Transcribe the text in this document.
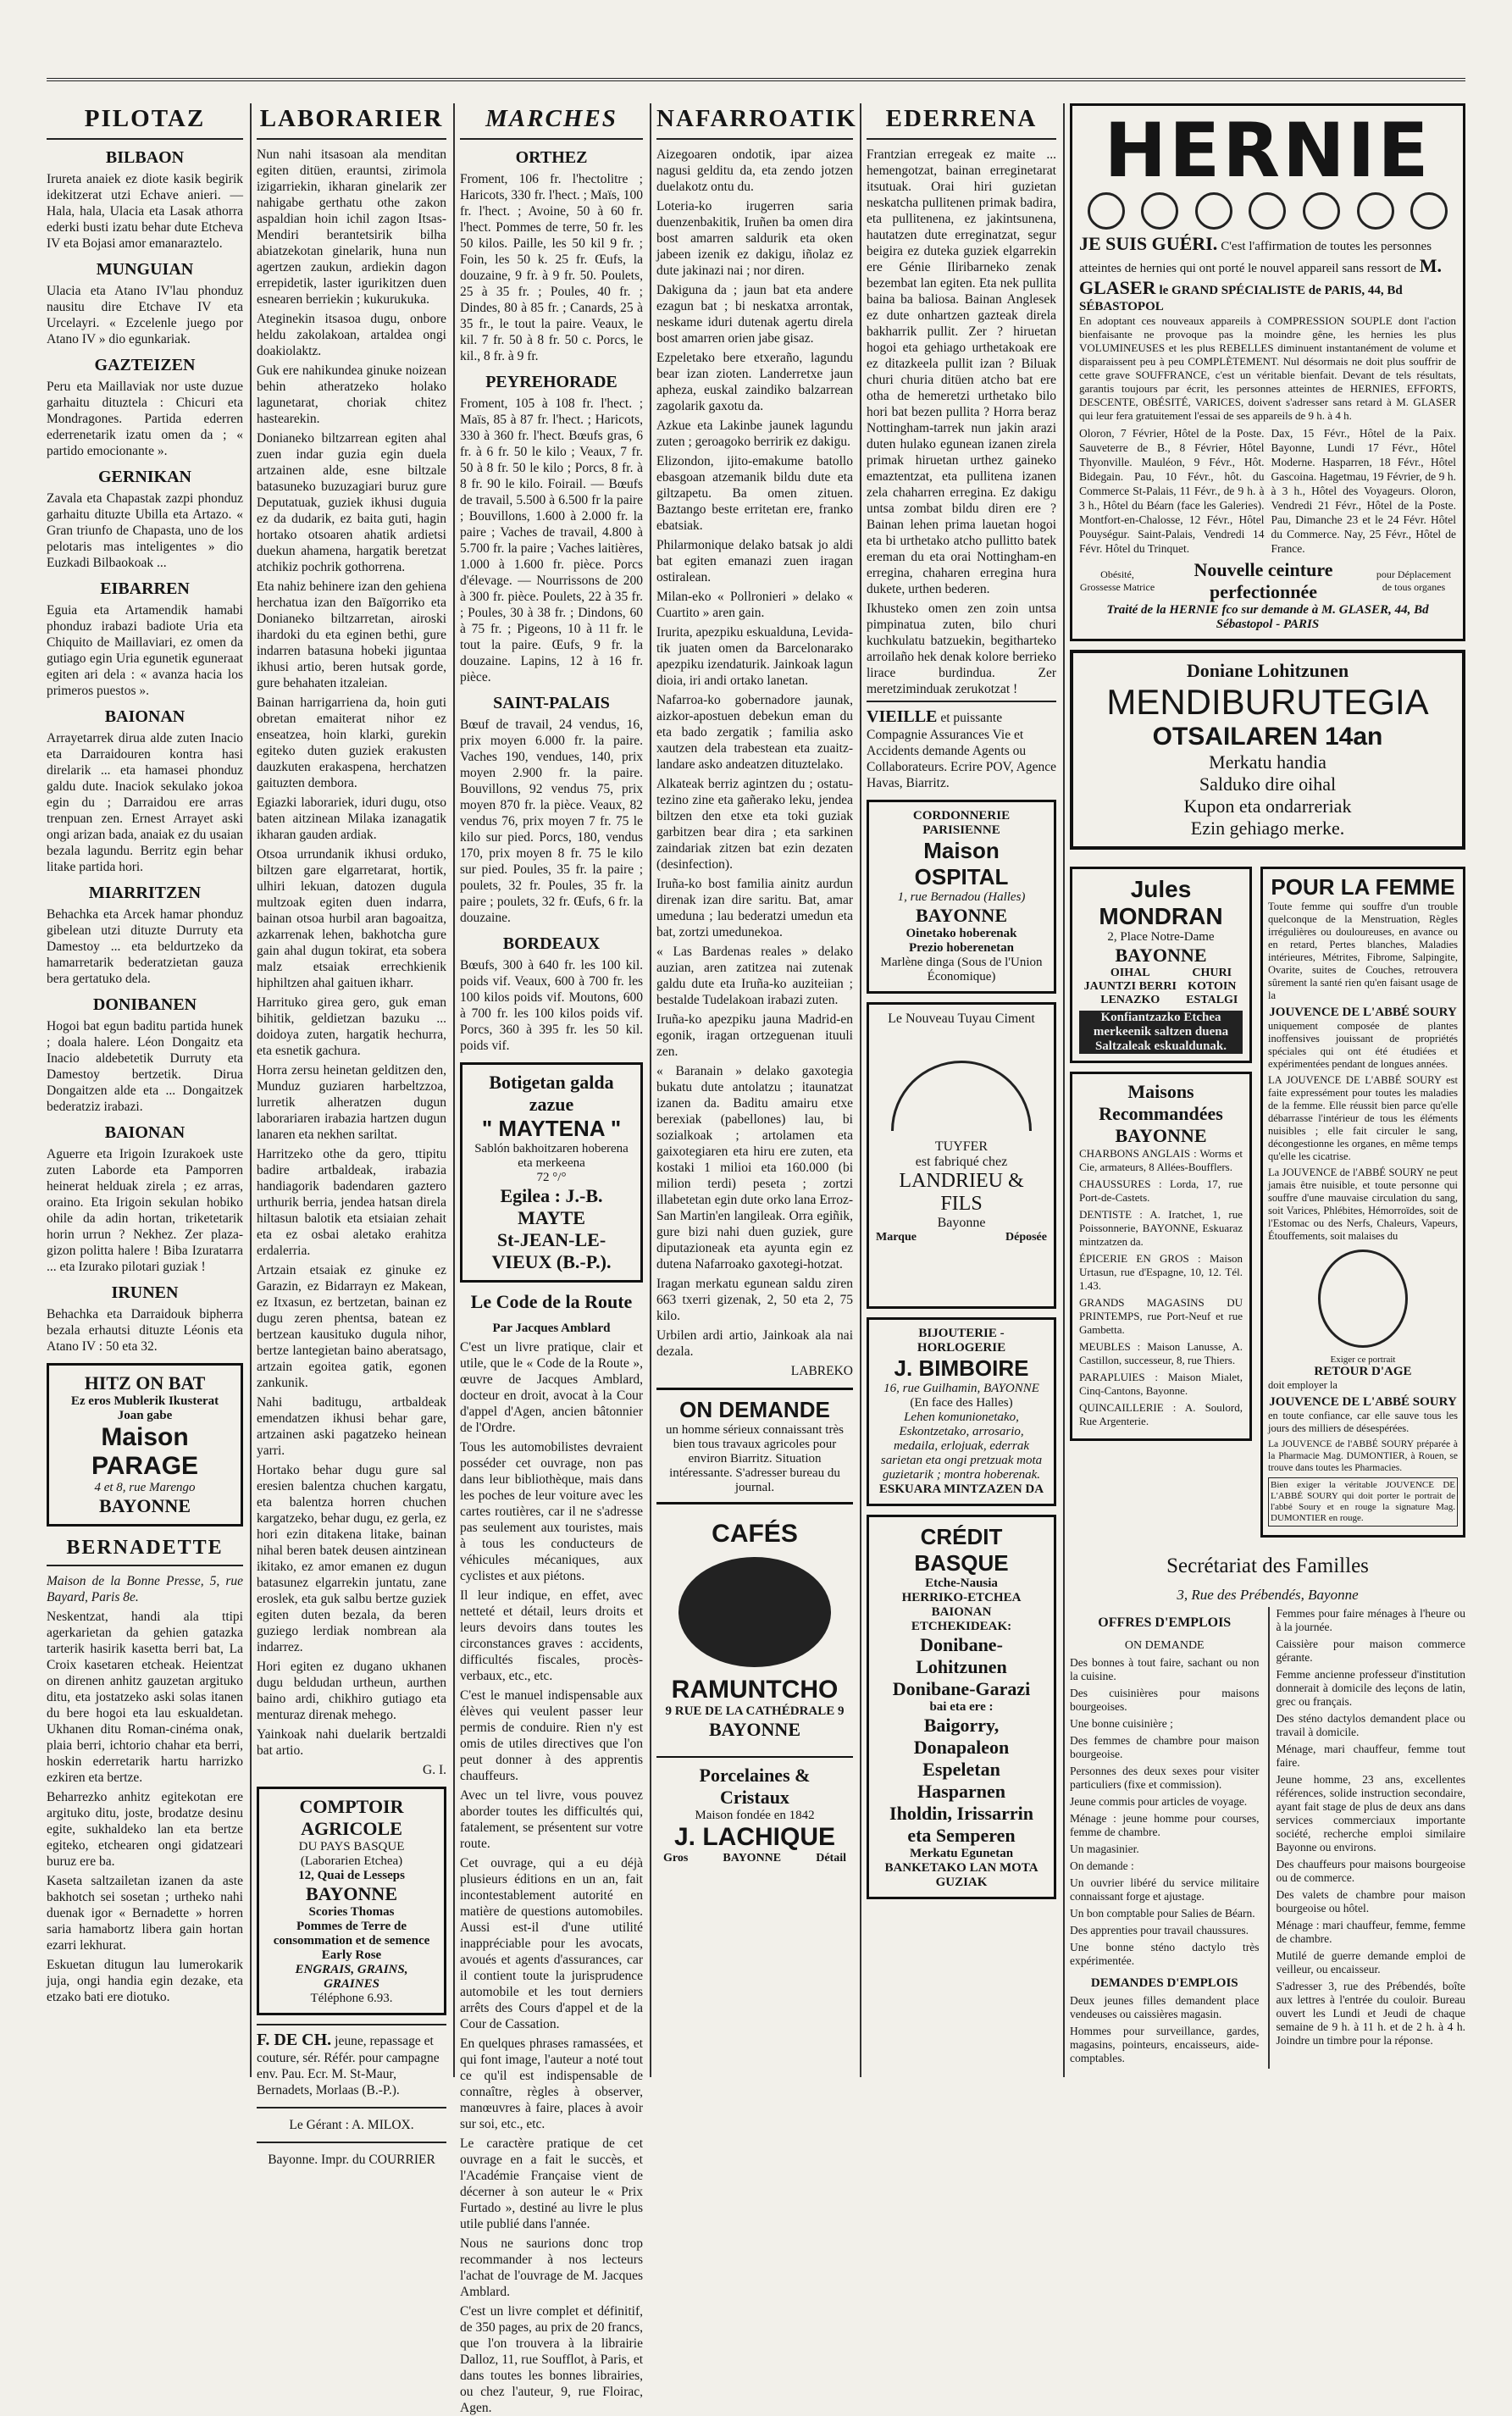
PILOTAZ
BILBAON

Irureta anaiek ez diote kasik begirik idekitzerat utzi Echave anieri. — Hala, hala, Ulacia eta Lasak athorra ederki busti izatu behar dute Etcheva IV eta Bojasi amor emanaraztelo.

MUNGUIAN

Ulacia eta Atano IV'lau phonduz nausitu dire Etchave IV eta Urcelayri. « Ezcelenle juego por Atano IV » dio egunkariak.

GAZTEIZEN

Peru eta Maillaviak nor uste duzue garhaitu dituztela : Chicuri eta Mondragones. Partida ederren ederrenetarik izatu omen da ; « partido emocionante ».

GERNIKAN

Zavala eta Chapastak zazpi phonduz garhaitu dituzte Ubilla eta Artazo. « Gran triunfo de Chapasta, uno de los pelotaris mas inteligentes » dio Euzkadi Bilbaokoak ...

EIBARREN

Eguia eta Artamendik hamabi phonduz irabazi badiote Uria eta Chiquito de Maillaviari, ez omen da gutiago egin Uria egunetik eguneraat egiten ari dela : « avanza hacia los primeros puestos ».

BAIONAN

Arrayetarrek dirua alde zuten Inacio eta Darraidouren kontra hasi direlarik ... eta hamasei phonduz galdu dute. Inaciok sekulako jokoa egin du ; Darraidou ere arras trenpuan zen. Ernest Arrayet aski ongi arizan bada, anaiak ez du usaian bezala lagundu. Berritz egin behar litake partida hori.

MIARRITZEN

Behachka eta Arcek hamar phonduz gibelean utzi dituzte Durruty eta Damestoy ... eta beldurtzeko da hamarretarik bederatzietan gauza bera gertatuko dela.

DONIBANEN

Hogoi bat egun baditu partida hunek ; doala halere. Léon Dongaitz eta Inacio aldebetetik Durruty eta Damestoy bertzetik. Dirua Dongaitzen alde eta ... Dongaitzek bederatziz irabazi.

BAIONAN

Aguerre eta Irigoin Izurakoek uste zuten Laborde eta Pamporren heinerat helduak zirela ; ez arras, oraino. Eta Irigoin sekulan hobiko ohile da adin hortan, triketetarik horin urrun ? Nekhez. Zer plaza-gizon politta halere ! Biba Izuratarra ... eta Izurako pilotari guziak !

IRUNEN

Behachka eta Darraidouk bipherra bezala erhautsi dituzte Léonis eta Atano IV : 50 eta 32.

HITZ ON BAT
Ez eros Mublerik Ikusterat
Joan gabe
Maison PARAGE
4 et 8, rue Marengo
BAYONNE
BERNADETTE

Maison de la Bonne Presse, 5, rue Bayard, Paris 8e.

Neskentzat, handi ala ttipi agerkarietan da gehien gatazka tarterik hasirik kasetta berri bat, La Croix kasetaren etcheak. Heientzat on direnen anhitz gauzetan argituko ditu, eta jostatzeko aski solas itanen du bere hogoi eta lau eskualdetan. Ukhanen ditu Roman-cinéma onak, plaia berri, ichtorio chahar eta berri, hoskin ederretarik hartu harrizko ezkiren eta bertze.

Beharrezko anhitz egitekotan ere argituko ditu, joste, brodatze desinu egite, sukhaldeko lan eta bertze egiteko, etchearen ongi gidatzeari buruz ere ba.

Kaseta saltzailetan izanen da aste bakhotch sei sosetan ; urtheko nahi duenak igor « Bernadette » horren saria hamabortz libera gain hortan ezarri lekhurat.

Eskuetan ditugun lau lumerokarik juja, ongi handia egin dezake, eta etzako bati ere diotuko.

LABORARIER

Nun nahi itsasoan ala menditan egiten ditüen, erauntsi, zirimola izigarriekin, ikharan ginelarik zer nahigabe gerthatu othe zakon aspaldian hoin ichil zagon Itsas-Mendiri berantetsirik bilha abiatzekotan ginelarik, huna nun agertzen zaukun, ardiekin dagon errepidetik, laster igurikitzen duen esnearen berriekin ; kukurukuka.

Ateginekin itsasoa dugu, onbore heldu zakolakoan, artaldea ongi doakiolaktz.

Guk ere nahikundea ginuke noizean behin atheratzeko holako lagunetarat, choriak chitez hastearekin.

Donianeko biltzarrean egiten ahal zuen indar guzia egin duela artzainen alde, esne biltzale batasuneko buzuzagiari buruz gure Deputatuak, guziek ikhusi duguia ez da dudarik, ez baita guti, hagin hortako otsoaren ahatik ardietsi duekun ahamena, hargatik beretzat atchikiz pochrik gothorrena.

Eta nahiz behinere izan den gehiena herchatua izan den Baïgorriko eta Donianeko biltzarretan, airoski ihardoki du eta eginen bethi, gure indarren batasuna hobeki jiguntaa ikhusi artio, beren hutsak gorde, gure behahaten itzaleian.

Bainan harrigarriena da, hoin guti obretan emaiterat nihor ez enseatzea, hoin klarki, gurekin egiteko duten guziek erakusten dauzkuten erakaspena, herchatzen gaituzten dembora.

Egiazki laborariek, iduri dugu, otso baten aitzinean Milaka izanagatik ikharan gauden ardiak.

Otsoa urrundanik ikhusi orduko, biltzen gare elgarretarat, hortik, ulhiri lekuan, datozen dugula multzoak egiten duen indarra, bainan otsoa hurbil aran bagoaitza, azkarrenak lehen, bakhotcha gure gain ahal dugun tokirat, eta sobera malz etsaiak errechkienik hiphiltzen ahal gaituen ikharr.

Harrituko girea gero, guk eman bihitik, geldietzan bazuku ... doidoya zuten, hargatik hechurra, eta esnetik gachura.

Horra zersu heinetan gelditzen den, Munduz guziaren harbeltzzoa, lurretik alheratzen dugun laborariaren irabazia hartzen dugun lanaren eta nekhen sariltat.

Harritzeko othe da gero, ttipitu badire artbaldeak, irabazia handiagorik badendaren gaztero urthurik berria, jendea hatsan direla hiltasun balotik eta etsiaian zehait eta ez osbai aletako erahitza erdalerria.

Artzain etsaiak ez ginuke ez Garazin, ez Bidarrayn ez Makean, ez Itxasun, ez bertzetan, bainan ez dugu zeren phentsa, batean ez bertzean kausituko dugula nihor, bertze lantegietan baino aberatsago, artzain egoitea gatik, egonen zankunik.

Nahi baditugu, artbaldeak emendatzen ikhusi behar gare, artzainen aski pagatzeko heinean yarri.

Hortako behar dugu gure sal eresien balentza chuchen kargatu, eta balentza horren chuchen kargatzeko, behar dugu, ez gerla, ez hori ezin ditakena litake, bainan nihal beren batek deusen aintzinean ikitako, ez amor emanen ez dugun batasunez elgarrekin juntatu, zane eroslek, eta guk salbu bertze guziek egiten duten bezala, da beren guziego lerdiak nombrean ala indarrez.

Hori egiten ez dugano ukhanen dugu beldudan urtheun, aurthen baino ardi, chikhiro gutiago eta menturaz direnak mehego.

Yainkoak nahi duelarik bertzaldi bat artio.

G. I.

COMPTOIR AGRICOLE
DU PAYS BASQUE
(Laborarien Etchea)
12, Quai de Lesseps
BAYONNE
Scories Thomas
Pommes de Terre de consommation et de semence
Early Rose
ENGRAIS, GRAINS, GRAINES
Téléphone 6.93.
F. DE CH. jeune, repassage et couture, sér. Référ. pour campagne env. Pau. Ecr. M. St-Maur, Bernadets, Morlaas (B.-P.).

Le Gérant : A. MILOX.

Bayonne. Impr. du COURRIER

MARCHES
ORTHEZ

Froment, 106 fr. l'hectolitre ; Haricots, 330 fr. l'hect. ; Maïs, 100 fr. l'hect. ; Avoine, 50 à 60 fr. l'hect. Pommes de terre, 50 fr. les 50 kilos. Paille, les 50 kil 9 fr. ; Foin, les 50 k. 25 fr. Œufs, la douzaine, 9 fr. à 9 fr. 50. Poulets, 25 à 35 fr. ; Poules, 40 fr. ; Dindes, 80 à 85 fr. ; Canards, 25 à 35 fr., le tout la paire. Veaux, le kil. 7 fr. 50 à 8 fr. 50 c. Porcs, le kil., 8 fr. à 9 fr.

PEYREHORADE

Froment, 105 à 108 fr. l'hect. ; Maïs, 85 à 87 fr. l'hect. ; Haricots, 330 à 360 fr. l'hect. Bœufs gras, 6 fr. à 6 fr. 50 le kilo ; Veaux, 7 fr. 50 à 8 fr. 50 le kilo ; Porcs, 8 fr. à 8 fr. 90 le kilo. Foirail. — Bœufs de travail, 5.500 à 6.500 fr la paire ; Bouvillons, 1.600 à 2.000 fr. la paire ; Vaches de travail, 4.800 à 5.700 fr. la paire ; Vaches laitières, 1.000 à 1.600 fr. pièce. Porcs d'élevage. — Nourrissons de 200 à 300 fr. pièce. Poulets, 22 à 35 fr. ; Poules, 30 à 38 fr. ; Dindons, 60 à 75 fr. ; Pigeons, 10 à 11 fr. le tout la paire. Œufs, 9 fr. la douzaine. Lapins, 12 à 16 fr. pièce.

SAINT-PALAIS

Bœuf de travail, 24 vendus, 16, prix moyen 6.000 fr. la paire. Vaches 190, vendues, 140, prix moyen 2.900 fr. la paire. Bouvillons, 92 vendus 75, prix moyen 870 fr. la pièce. Veaux, 82 vendus 76, prix moyen 7 fr. 75 le kilo sur pied. Porcs, 180, vendus 170, prix moyen 8 fr. 75 le kilo sur pied. Poules, 35 fr. la paire ; poulets, 32 fr. Poules, 35 fr. la paire ; poulets, 32 fr. Œufs, 6 fr. la douzaine.

BORDEAUX

Bœufs, 300 à 640 fr. les 100 kil. poids vif. Veaux, 600 à 700 fr. les 100 kilos poids vif. Moutons, 600 à 700 fr. les 100 kilos poids vif. Porcs, 360 à 395 fr. les 50 kil. poids vif.

Botigetan galda zazue
" MAYTENA "
Sablón bakhoitzaren hoberena eta merkeena
72 °/°
Egilea : J.-B. MAYTE
St-JEAN-LE-VIEUX (B.-P.).
Le Code de la Route
Par Jacques Amblard

C'est un livre pratique, clair et utile, que le « Code de la Route », œuvre de Jacques Amblard, docteur en droit, avocat à la Cour d'appel d'Agen, ancien bâtonnier de l'Ordre.

Tous les automobilistes devraient posséder cet ouvrage, non pas dans leur bibliothèque, mais dans les poches de leur voiture avec les cartes routières, car il ne s'adresse pas seulement aux touristes, mais à tous les conducteurs de véhicules mécaniques, aux cyclistes et aux piétons.

Il leur indique, en effet, avec netteté et détail, leurs droits et leurs devoirs dans toutes les circonstances graves : accidents, difficultés fiscales, procès-verbaux, etc., etc.

C'est le manuel indispensable aux élèves qui veulent passer leur permis de conduire. Rien n'y est omis de utiles directives que l'on peut donner à des apprentis chauffeurs.

Avec un tel livre, vous pouvez aborder toutes les difficultés qui, fatalement, se présentent sur votre route.

Cet ouvrage, qui a eu déjà plusieurs éditions en un an, fait incontestablement autorité en matière de questions automobiles. Aussi est-il d'une utilité inappréciable pour les avocats, avoués et agents d'assurances, car il contient toute la jurisprudence automobile et les tout derniers arrêts des Cours d'appel et de la Cour de Cassation.

En quelques phrases ramassées, et qui font image, l'auteur a noté tout ce qu'il est indispensable de connaître, règles à observer, manœuvres à faire, places à avoir sur soi, etc., etc.

Le caractère pratique de cet ouvrage en a fait le succès, et l'Académie Française vient de décerner à son auteur le « Prix Furtado », destiné au livre le plus utile publié dans l'année.

Nous ne saurions donc trop recommander à nos lecteurs l'achat de l'ouvrage de M. Jacques Amblard.

C'est un livre complet et définitif, de 350 pages, au prix de 20 francs, que l'on trouvera à la librairie Dalloz, 11, rue Soufflot, à Paris, et dans toutes les bonnes librairies, ou chez l'auteur, 9, rue Floirac, Agen.

NAFARROATIK

Aizegoaren ondotik, ipar aizea nagusi gelditu da, eta zendo jotzen duelakotz ontu du.

Loteria-ko irugerren saria duenzenbakitik, Iruñen ba omen dira bost amarren saldurik eta oken jabeen izenik ez dakigu, iñolaz ez dute jakinazi nai ; nor diren.

Dakiguna da ; jaun bat eta andere ezagun bat ; bi neskatxa arrontak, neskame iduri dutenak agertu direla bost amarren orien jabe gisaz.

Ezpeletako bere etxeraño, lagundu bear izan zioten. Landerretxe jaun apheza, euskal zaindiko balzarrean zagolarik gaxotu da.

Azkue eta Lakinbe jaunek lagundu zuten ; geroagoko berririk ez dakigu.

Elizondon, ijito-emakume batollo ebasgoan atzemanik bildu dute eta giltzapetu. Ba omen zituen. Baztango beste erritetan ere, franko ebatsiak.

Philarmonique delako batsak jo aldi bat egiten emanazi zuen iragan ostiralean.

Milan-eko « Pollronieri » delako « Cuartito » aren gain.

Irurita, apezpiku eskualduna, Levida-tik juaten omen da Barcelonarako apezpiku izendaturik. Jainkoak lagun dioia, iri andi ortako lanetan.

Nafarroa-ko gobernadore jaunak, aizkor-apostuen debekun eman du eta bado zergatik ; familia asko xautzen dela trabestean eta zuaitz-landare asko andeatzen dituztelako.

Alkateak berriz agintzen du ; ostatu-tezino zine eta gañerako leku, jendea biltzen den etxe eta toki guziak garbitzen bear dira ; eta sarkinen zaindariak zitzen bat ezin dezaten (desinfection).

Iruña-ko bost familia ainitz aurdun direnak izan dire saritu. Bat, amar umeduna ; lau bederatzi umedun eta bat, zortzi umedunekoa.

« Las Bardenas reales » delako auzian, aren zatitzea nai zutenak galdu dute eta Iruña-ko auziteiian ; bestalde Tudelakoan irabazi zuten.

Iruña-ko apezpiku jauna Madrid-en egonik, iragan ortzeguenan ituuli zen.

« Baranain » delako gaxotegia bukatu dute antolatzu ; itaunatzat izanen da. Baditu amairu etxe berexiak (pabellones) lau, bi sozialkoak ; artolamen eta gaixotegiaren eta hiru ere zuten, eta kostaki 1 milioi eta 160.000 (bi milion terdi) peseta ; zortzi illabetetan egin dute orko lana Erroz-San Martin'en langileak. Orra egiñik, gure bizi nahi duen guziek, gure diputazioneak eta ayunta egin ez dutena Nafarroako gaxotegi-hotzat.

Iragan merkatu egunean saldu ziren 663 txerri gizenak, 2, 50 eta 2, 75 kilo.

Urbilen ardi artio, Jainkoak ala nai dezala.

LABREKO

ON DEMANDE
un homme sérieux connaissant très bien tous travaux agricoles pour environ Biarritz. Situation intéressante. S'adresser bureau du journal.
CAFÉS
RAMUNTCHO
9 RUE DE LA CATHÉDRALE 9
BAYONNE
Porcelaines & Cristaux
Maison fondée en 1842
J. LACHIQUE
Gros	BAYONNE	Détail
EDERRENA

Frantzian erregeak ez maite ... hemengotzat, bainan erreginetarat itsutuak. Orai hiri guzietan neskatcha pullitenen primak badira, eta pullitenena, ez jakintsunena, hautatzen dute erreginatzat, segur beigira ez duteka guziek elgarrekin ere Génie Iliribarneko zenak bezembat lan egiten. Eta nek pullita baina ba baliosa. Bainan Anglesek ez dute onhartzen gazteak direla bakharrik pullit. Zer ? hiruetan hogoi eta gehiago urthetakoak ere ez ditazkeela pullit izan ? Biluak churi churia ditüen atcho bat ere otha de hemeretzi urthetako bilo hori bat bezen pullita ? Horra beraz Nottingham-tarrek nun jakin arazi duten hulako egunean izanen zirela primak hiruetan urthez gaineko emaztentzat, eta pullitena izanen zela chaharren erregina. Ez dakigu untsa zombat bildu diren ere ? Bainan lehen prima lauetan hogoi eta bi urthetako atcho pullitto batek ereman du eta orai Nottingham-en erregina, chaharen erregina hura dukete, urthen bederen.

Ikhusteko omen zen zoin untsa pimpinatua zuten, bilo churi kuchkulatu batzuekin, begitharteko arroilaño hek denak kolore berrieko lirace burdindua. Zer meretziminduak zerukotzat !

VIEILLE et puissante Compagnie Assurances Vie et Accidents demande Agents ou Collaborateurs. Ecrire POV, Agence Havas, Biarritz.
CORDONNERIE PARISIENNE
Maison OSPITAL
1, rue Bernadou (Halles)
BAYONNE
Oinetako hoberenak
Prezio hoberenetan
Marlène dinga (Sous de l'Union Économique)
Le Nouveau Tuyau Ciment
TUYFER
est fabriqué chez
LANDRIEU & FILS
Bayonne
Marque	Déposée
BIJOUTERIE - HORLOGERIE
J. BIMBOIRE
16, rue Guilhamin, BAYONNE
(En face des Halles)
Lehen komunionetako, Eskontzetako, arrosario, medaila, erlojuak, ederrak sarietan eta ongi pretzuak mota guzietarik ; montra hoberenak.
ESKUARA MINTZAZEN DA
CRÉDIT BASQUE
Etche-Nausia
HERRIKO-ETCHEA BAIONAN
ETCHEKIDEAK:
Donibane-Lohitzunen
Donibane-Garazi
bai eta ere :
Baigorry, Donapaleon
Espeletan
Hasparnen
Iholdin, Irissarrin
eta Semperen
Merkatu Egunetan
BANKETAKO LAN MOTA GUZIAK
HERNIE
JE SUIS GUÉRI. C'est l'affirmation de toutes les personnes atteintes de hernies qui ont porté le nouvel appareil sans ressort de M. GLASER le GRAND SPÉCIALISTE de PARIS, 44, Bd SÉBASTOPOL

En adoptant ces nouveaux appareils à COMPRESSION SOUPLE dont l'action bienfaisante ne provoque pas la moindre gêne, les hernies les plus VOLUMINEUSES et les plus REBELLES diminuent instantanément de volume et disparaissent peu à peu COMPLÈTEMENT. Nul désormais ne doit plus souffrir de cette grave SOUFFRANCE, c'est un véritable bienfait. Devant de tels résultats, garantis toujours par écrit, les personnes atteintes de HERNIES, EFFORTS, DESCENTE, OBÉSITÉ, VARICES, doivent s'adresser sans retard à M. GLASER qui leur fera gratuitement l'essai de ses appareils de 9 h. à 4 h.

Oloron, 7 Février, Hôtel de la Poste. Sauveterre de B., 8 Février, Hôtel Thyonville. Mauléon, 9 Févr., Hôt. Bidegain. Pau, 10 Févr., hôt. du Commerce St-Palais, 11 Févr., de 9 h. à 3 h., Hôtel du Béarn (face les Galeries). Montfort-en-Chalosse, 12 Févr., Hôtel Pouységur. Saint-Palais, Vendredi 14 Févr. Hôtel du Trinquet.

Dax, 15 Févr., Hôtel de la Paix. Bayonne, Lundi 17 Févr., Hôtel Moderne. Hasparren, 18 Févr., Hôtel Gascoina. Hagetmau, 19 Février, de 9 h. à 3 h., Hôtel des Voyageurs. Oloron, Vendredi 21 Févr., Hôtel de la Poste. Pau, Dimanche 23 et le 24 Févr. Hôtel du Commerce. Nay, 25 Févr., Hôtel de France.

Obésité, Grossesse Matrice
Nouvelle ceinture perfectionnée
pour Déplacement de tous organes
Traité de la HERNIE fco sur demande à M. GLASER, 44, Bd Sébastopol - PARIS
Doniane Lohitzunen
MENDIBURUTEGIA
OTSAILAREN 14an
Merkatu handia
Salduko dire oihal
Kupon eta ondarreriak
Ezin gehiago merke.
Jules MONDRAN
2, Place Notre-Dame
BAYONNE
OIHAL
JAUNTZI BERRI
LENAZKO
CHURI
KOTOIN
ESTALGI
Konfiantzazko Etchea
merkeenik saltzen duena
Saltzaleak eskualdunak.
Maisons Recommandées
BAYONNE

CHARBONS ANGLAIS : Worms et Cie, armateurs, 8 Allées-Boufflers.

CHAUSSURES : Lorda, 17, rue Port-de-Castets.

DENTISTE : A. Iratchet, 1, rue Poissonnerie, BAYONNE, Eskuaraz mintzatzen da.

ÉPICERIE EN GROS : Maison Urtasun, rue d'Espagne, 10, 12. Tél. 1.43.

GRANDS MAGASINS DU PRINTEMPS, rue Port-Neuf et rue Gambetta.

MEUBLES : Maison Lanusse, A. Castillon, successeur, 8, rue Thiers.

PARAPLUIES : Maison Mialet, Cinq-Cantons, Bayonne.

QUINCAILLERIE : A. Soulord, Rue Argenterie.

POUR LA FEMME

Toute femme qui souffre d'un trouble quelconque de la Menstruation, Règles irrégulières ou douloureuses, en avance ou en retard, Pertes blanches, Maladies intérieures, Métrites, Fibrome, Salpingite, Ovarite, suites de Couches, retrouvera sûrement la santé rien qu'en faisant usage de la

JOUVENCE DE L'ABBÉ SOURY

uniquement composée de plantes inoffensives jouissant de propriétés spéciales qui ont été étudiées et expérimentées pendant de longues années.

LA JOUVENCE DE L'ABBÉ SOURY est faite expressément pour toutes les maladies de la femme. Elle réussit bien parce qu'elle débarrasse l'intérieur de tous les éléments nuisibles ; elle fait circuler le sang, décongestionne les organes, en même temps qu'elle les cicatrise.

La JOUVENCE de l'ABBÉ SOURY ne peut jamais être nuisible, et toute personne qui souffre d'une mauvaise circulation du sang, soit Varices, Phlébites, Hémorroïdes, soit de l'Estomac ou des Nerfs, Chaleurs, Vapeurs, Étouffements, soit malaises du

Exiger ce portrait
RETOUR D'AGE

doit employer la

JOUVENCE DE L'ABBÉ SOURY

en toute confiance, car elle sauve tous les jours des milliers de désespérées.

La JOUVENCE de l'ABBÉ SOURY préparée à la Pharmacie Mag. DUMONTIER, à Rouen, se trouve dans toutes les Pharmacies.

Bien exiger la véritable JOUVENCE DE L'ABBÉ SOURY qui doit porter le portrait de l'abbé Soury et en rouge la signature Mag. DUMONTIER en rouge.

Secrétariat des Familles
3, Rue des Prébendés, Bayonne
OFFRES D'EMPLOIS
ON DEMANDE

Des bonnes à tout faire, sachant ou non la cuisine.

Des cuisinières pour maisons bourgeoises.

Une bonne cuisinière ;

Des femmes de chambre pour maison bourgeoise.

Personnes des deux sexes pour visiter particuliers (fixe et commission).

Jeune commis pour articles de voyage.

Ménage : jeune homme pour courses, femme de chambre.

Un magasinier.

On demande :

Un ouvrier libéré du service militaire connaissant forge et ajustage.

Un bon comptable pour Salies de Béarn.

Des apprenties pour travail chaussures.

Une bonne sténo dactylo très expérimentée.

DEMANDES D'EMPLOIS

Deux jeunes filles demandent place vendeuses ou caissières magasin.

Hommes pour surveillance, gardes, magasins, pointeurs, encaisseurs, aide-comptables.

Femmes pour faire ménages à l'heure ou à la journée.

Caissière pour maison commerce gérante.

Femme ancienne professeur d'institution donnerait à domicile des leçons de latin, grec ou français.

Des sténo dactylos demandent place ou travail à domicile.

Ménage, mari chauffeur, femme tout faire.

Jeune homme, 23 ans, excellentes références, solide instruction secondaire, ayant fait stage de plus de deux ans dans services commerciaux importante société, recherche emploi similaire Bayonne ou environs.

Des chauffeurs pour maisons bourgeoise ou de commerce.

Des valets de chambre pour maison bourgeoise ou hôtel.

Ménage : mari chauffeur, femme, femme de chambre.

Mutilé de guerre demande emploi de veilleur, ou encaisseur.

S'adresser 3, rue des Prébendés, boîte aux lettres à l'entrée du couloir. Bureau ouvert les Lundi et Jeudi de chaque semaine de 9 h. à 11 h. et de 2 h. à 4 h. Joindre un timbre pour la réponse.
